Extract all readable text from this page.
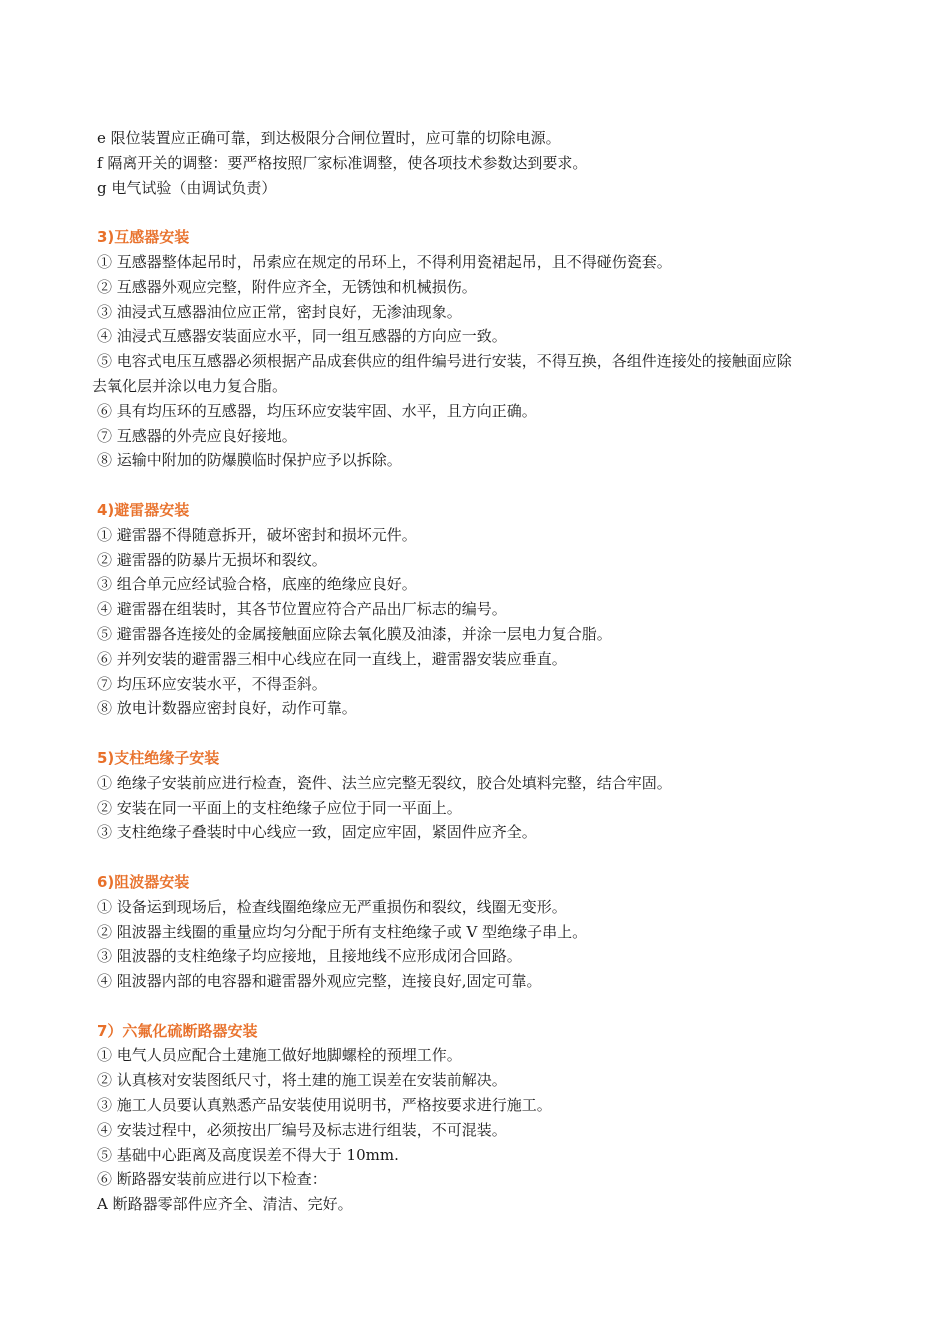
e 限位装置应正确可靠，到达极限分合闸位置时，应可靠的切除电源。
f 隔离开关的调整：要严格按照厂家标准调整，使各项技术参数达到要求。
g 电气试验（由调试负责）
3)互感器安装
① 互感器整体起吊时，吊索应在规定的吊环上，不得利用瓷裙起吊，且不得碰伤瓷套。
② 互感器外观应完整，附件应齐全，无锈蚀和机械损伤。
③ 油浸式互感器油位应正常，密封良好，无渗油现象。
④ 油浸式互感器安装面应水平，同一组互感器的方向应一致。
⑤ 电容式电压互感器必须根据产品成套供应的组件编号进行安装，不得互换，各组件连接处的接触面应除
去氧化层并涂以电力复合脂。
⑥ 具有均压环的互感器，均压环应安装牢固、水平，且方向正确。
⑦ 互感器的外壳应良好接地。
⑧ 运输中附加的防爆膜临时保护应予以拆除。
4)避雷器安装
① 避雷器不得随意拆开，破坏密封和损坏元件。
② 避雷器的防暴片无损坏和裂纹。
③ 组合单元应经试验合格，底座的绝缘应良好。
④ 避雷器在组装时，其各节位置应符合产品出厂标志的编号。
⑤ 避雷器各连接处的金属接触面应除去氧化膜及油漆，并涂一层电力复合脂。
⑥ 并列安装的避雷器三相中心线应在同一直线上，避雷器安装应垂直。
⑦ 均压环应安装水平，不得歪斜。
⑧ 放电计数器应密封良好，动作可靠。
5)支柱绝缘子安装
① 绝缘子安装前应进行检查，瓷件、法兰应完整无裂纹，胶合处填料完整，结合牢固。
② 安装在同一平面上的支柱绝缘子应位于同一平面上。
③ 支柱绝缘子叠装时中心线应一致，固定应牢固，紧固件应齐全。
6)阻波器安装
① 设备运到现场后，检查线圈绝缘应无严重损伤和裂纹，线圈无变形。
② 阻波器主线圈的重量应均匀分配于所有支柱绝缘子或 V 型绝缘子串上。
③ 阻波器的支柱绝缘子均应接地，且接地线不应形成闭合回路。
④ 阻波器内部的电容器和避雷器外观应完整，连接良好,固定可靠。
7）六氟化硫断路器安装
① 电气人员应配合土建施工做好地脚螺栓的预埋工作。
② 认真核对安装图纸尺寸，将土建的施工误差在安装前解决。
③ 施工人员要认真熟悉产品安装使用说明书，严格按要求进行施工。
④ 安装过程中，必须按出厂编号及标志进行组装，不可混装。
⑤ 基础中心距离及高度误差不得大于 10mm.
⑥ 断路器安装前应进行以下检查：
A 断路器零部件应齐全、清洁、完好。
